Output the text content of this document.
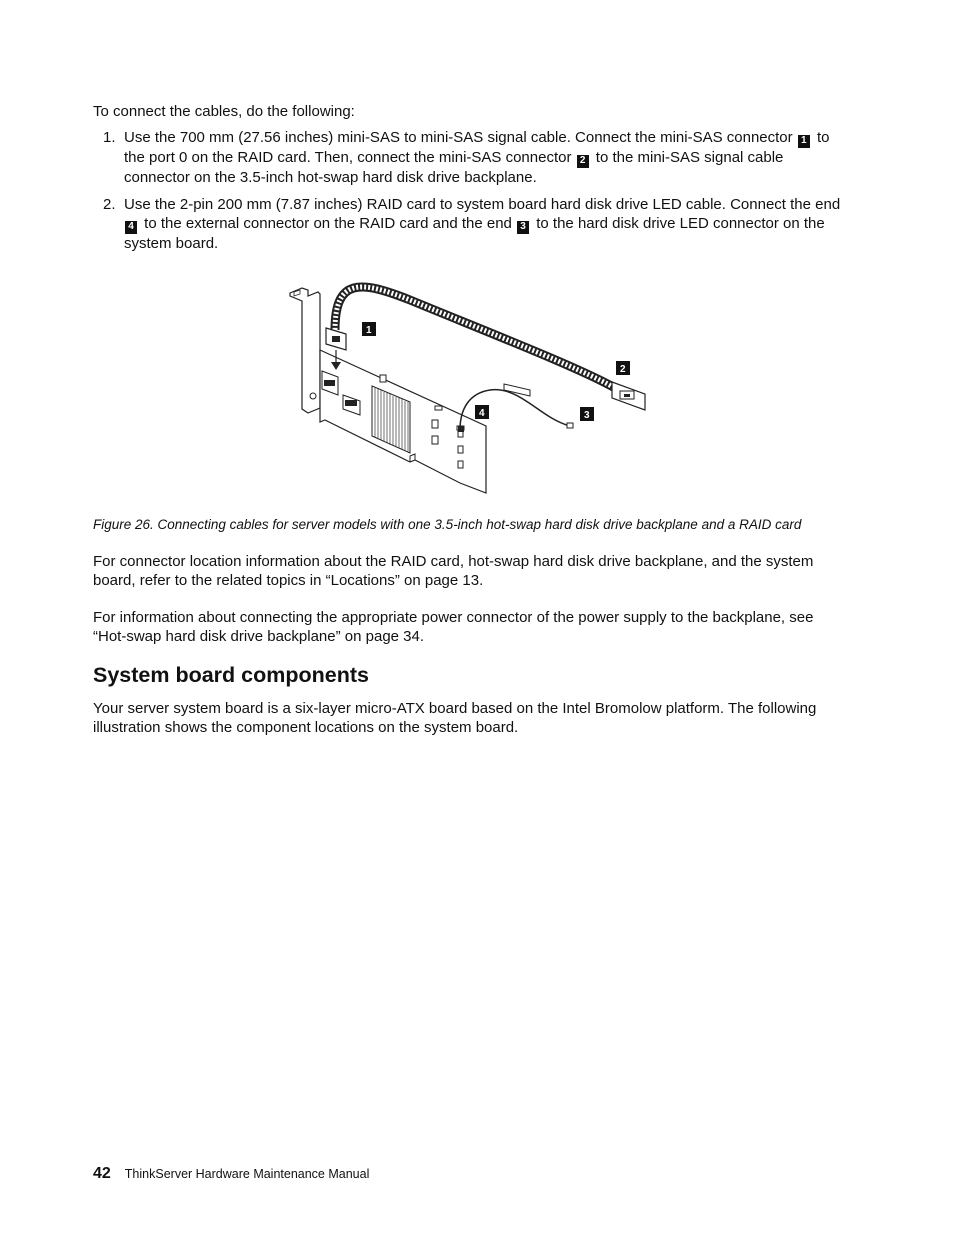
To connect the cables, do the following:
1. Use the 700 mm (27.56 inches) mini-SAS to mini-SAS signal cable. Connect the mini-SAS connector 1 to the port 0 on the RAID card. Then, connect the mini-SAS connector 2 to the mini-SAS signal cable connector on the 3.5-inch hot-swap hard disk drive backplane.
2. Use the 2-pin 200 mm (7.87 inches) RAID card to system board hard disk drive LED cable. Connect the end 4 to the external connector on the RAID card and the end 3 to the hard disk drive LED connector on the system board.
1
2
3
4
Figure 26. Connecting cables for server models with one 3.5-inch hot-swap hard disk drive backplane and a RAID card

For connector location information about the RAID card, hot-swap hard disk drive backplane, and the system board, refer to the related topics in “Locations” on page 13.

For information about connecting the appropriate power connector of the power supply to the backplane, see “Hot-swap hard disk drive backplane” on page 34.

System board components

Your server system board is a six-layer micro-ATX board based on the Intel Bromolow platform. The following illustration shows the component locations on the system board.

42 ThinkServer Hardware Maintenance Manual
